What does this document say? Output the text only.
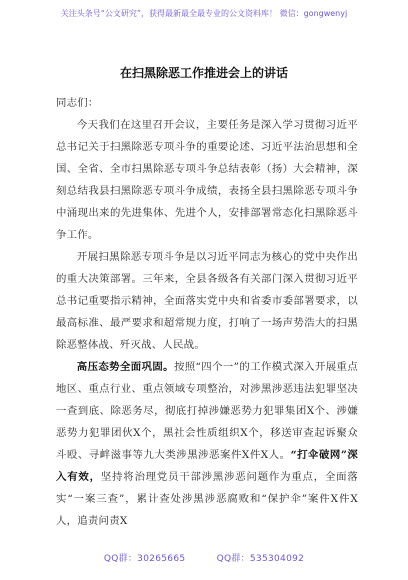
关注头条号“公文研究”，获得最新最全最专业的公文资料库！ 微信：gongwenyj
在扫黑除恶工作推进会上的讲话

同志们：

今天我们在这里召开会议，主要任务是深入学习贯彻习近平总书记关于扫黑除恶专项斗争的重要论述、习近平法治思想和全国、全省、全市扫黑除恶专项斗争总结表彰（扬）大会精神，深刻总结我县扫黑除恶专项斗争成绩，表扬全县扫黑除恶专项斗争中涌现出来的先进集体、先进个人，安排部署常态化扫黑除恶斗争工作。

开展扫黑除恶专项斗争是以习近平同志为核心的党中央作出的重大决策部署。三年来，全县各级各有关部门深入贯彻习近平总书记重要指示精神，全面落实党中央和省委市委部署要求，以最高标准、最严要求和超常规力度，打响了一场声势浩大的扫黑除恶整体战、歼灭战、人民战。

高压态势全面巩固。按照“四个一”的工作模式深入开展重点地区、重点行业、重点领域专项整治，对涉黑涉恶违法犯罪坚决一查到底、除恶务尽，彻底打掉涉嫌恶势力犯罪集团X个、涉嫌恶势力犯罪团伙X个，黑社会性质组织X个，移送审查起诉聚众斗殴、寻衅滋事等九大类涉黑涉恶案件X件X人。“打伞破网”深入有效，坚持将治理党员干部涉黑涉恶问题作为重点，全面落实“一案三查”，累计查处涉黑涉恶腐败和“保护伞”案件X件X人，追责问责X

QQ群：30265665	QQ群：535304092
